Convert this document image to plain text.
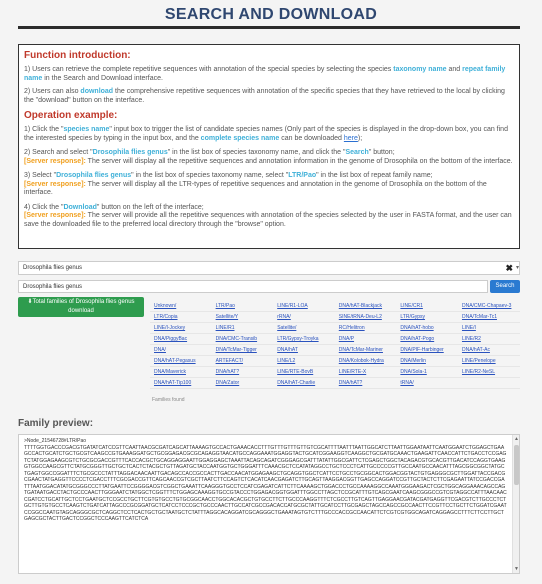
SEARCH AND DOWNLOAD
Function introduction:

1) Users can retrieve the complete repetitive sequences with annotation of the special species by selecting the species taxonomy name and repeat family name in the Search and Download interface.

2) Users can also download the comprehensive repetitive sequences with annotation of the specific species that they have retrieved to the local by clicking the "download" button on the interface.

Operation example:

1) Click the "species name" input box to trigger the list of candidate species names (Only part of the species is displayed in the drop-down box, you can find the interested species by typing in the input box, and the complete species name can be downloaded here);

2) Search and select "Drosophila flies genus" in the list box of species taxonomy name, and click the "Search" button;
[Server response]: The server will display all the repetitive sequences and annotation information in the genome of Drosophila on the bottom of the interface.

3) Select "Drosophila flies genus" in the list box of species taxonomy name, select "LTR/Pao" in the list box of repeat family name;
[Server response]: The server will display all the LTR-types of repetitive sequences and annotation in the genome of Drosophila on the bottom of the interface.

4) Click the "Download" button on the left of the interface;
[Server response]: The server will provide all the repetitive sequences with annotation of the species selected by the user in FASTA format, and the user can save the downloaded file to the preferred local directory through the "browse" option.

Drosophila flies genus	✖ ▾
Drosophila flies genus	Search
⬇Total families of Drosophila flies genus download
Unknown/	LTR/Pao	LINE/R1-LOA	DNA/hAT-Blackjack	LINE/CR1	DNA/CMC-Chapaev-3
LTR/Copia	Satellite/Y	rRNA/	SINE/tRNA-Deu-L2	LTR/Gypsy	DNA/TcMar-Tc1
LINE/I-Jockey	LINE/R1	Satellite/	RC/Helitron	DNA/hAT-hobo	LINE/I
DNA/PiggyBac	DNA/CMC-Transib	LTR/Gypsy-Troyka	DNA/P	DNA/hAT-Pogo	LINE/R2
DNA/	DNA/TcMar-Tigger	DNA/hAT	DNA/TcMar-Mariner	DNA/PIF-Harbinger	DNA/hAT-Ac
DNA/hAT-Pegasus	ARTEFACT/	LINE/L2	DNA/Kolobok-Hydra	DNA/Merlin	LINE/Penelope
DNA/Maverick	DNA/hAT?	LINE/RTE-BovB	LINE/RTE-X	DNA/Sola-1	LINE/R2-NeSL
DNA/hAT-Tip100	DNA/Zator	DNA/hAT-Charlie	DNA/hAT?	tRNA/
Families found
Family preview:
>Node_21546728#LTR/Pao
TTTTGGTGACCCGACGTGATATCATCCGTTCAATTAACGCGATCAGCATTAAAAGTGCCACTGAAACACCTTTGTTTGTTTGTTGTCGCATTTTAATTTAATTGGCATCTTAATTGGAATAATTCAATGGAATCTGGAGCTGAAGCCACTGCATCTGCTGCGTCAAGCCGTGAAAGGATGCTGCGGAGACGCGCAGAGGTAACATGCCAGGAAATGGAGGTACTGCATCGGAAGGTCAAGGCTGCGATGCAAACTGAAGATTCAACCATTCTGACCTCCGAGTCTATGGAGAAGCGTCTGCGCGACCGTTTCACCACGCTGCAGGAGGAATTGGAGGAGCTAAATTACAGCAGATCGGGAGCGATTTATATTGGCGATTCTCGAGCTGGCTACAGACGTGCACGTTGACATCCAGGTGAAGGTGGCCAAGCGTTCTATGCGGGTTGCTGCTCACTCTACGCTGTTAGATGCTACCAATGGTGCTGGGATTTCAAACGCTCCATATAGGCCTGCTCCCTCATTGCCCCCGTTGCCAATGCCAACATTTAGCGGCGGCTATGCTGAGTGGCCGGATTTCTGCGCCCTATTTAGGACAACAATTGACAGCCACCGCCACTTGACCAACATGGAGAAGCTGCAGGTGGCTCATTCCTGCCTGCGGCACTGGACGGTACTGTGAGGGCGCTTGGATTACCGACGCGAACTATGAGGTTCCCCTCGACCTTTCGCGACCGTTCAGCAACCGTCGCTTAATCTTCCAGTCTCACATCAACGAGATCTTGCAGTTAAGGACGGTTGAGCCAGGATCCGTTGCTACTCTTCGAGAATTATCCGACCGATTTAATGGACATATGCGGGCCCTTATGAATTCCGGGGACGTCGGCTGAAATTCAAGGGTGCCTCCATCGAGATCATTCTTCAAAAGCTGGACCCTGCCAAAAGGCCAAATGGGAAGACTCGCTGGCAGGAAACAGCCAGTGATAATGACCTACTGCCCAACTTGGGAATCTATGGCTCGGTTTCTGGAGCAAAGGTGCCGTACCCTGGAGACGGTGGATTTGGCCTTAGCTCCGCATTTGTCAGCGAATCAAGCGGGCCGTCGTAGGCCATTTAACAACCGATCCTGCATTGCTCCTGAATGCTCCGCCTGCTTCGTGTGCCTGTGCGGCAACCTGGCACACGCTGTGCCTTCTTGCCCAAGGTTTCTCGCCTTGTCAGTTGAGGAACGATACGATGAGGTTCGACGTCTTGCCCTCTGCTTGTGTGCCTCAAGTCTGATCATTAGCCCGCGGATGCTCATCCTCCCGCTGCCCAACTTGCCATCGCCGACACCATGCGCTATTGCATCCTTGCGAGCTAGCCAGCCGCCAACTTCCGTTCCTGCTTCTGGATCGAATCCGGCCAATGTAGCAGGGCGCTCAGGCTCCTCACTGCTGCTAATGCTCTATTTAGGCACAGGATCGCAGGGCTGAAATAGTGTCTTTGCCCACCGCCAACATTCTCGTCGTGGCAGATCAGGAGCCTTTCTTCCTTGCTGAGCGCTACTTGACTCCGGCTCCCAAGTTCATCTCA
▲
▼
